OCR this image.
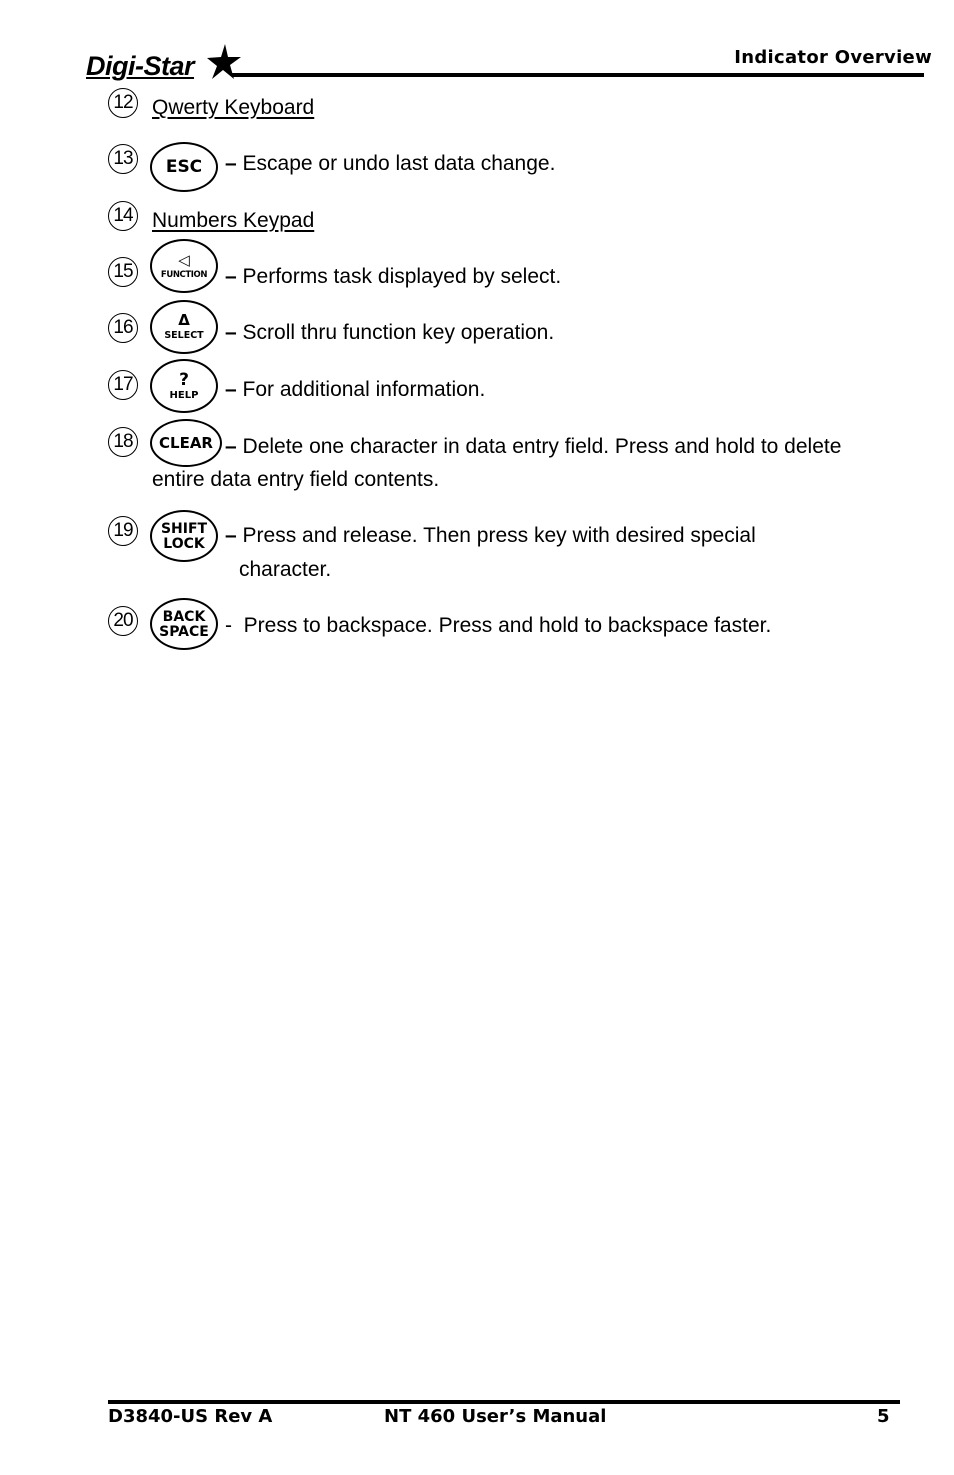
Digi-Star	Indicator Overview
12 Qwerty Keyboard
13	ESC – Escape or undo last data change.
14 Numbers Keypad
15
◁
FUNCTION – Performs task displayed by select.
16	Δ
SELECT – Scroll thru function key operation.
17	?
HELP – For additional information.
18	CLEAR – Delete one character in data entry field. Press and hold to delete
entire data entry field contents.
19	SHIFT
LOCK – Press and release. Then press key with desired special
character.
20	BACK
SPACE - Press to backspace. Press and hold to backspace faster.
D3840-US Rev A	NT 460 User’s Manual	5
